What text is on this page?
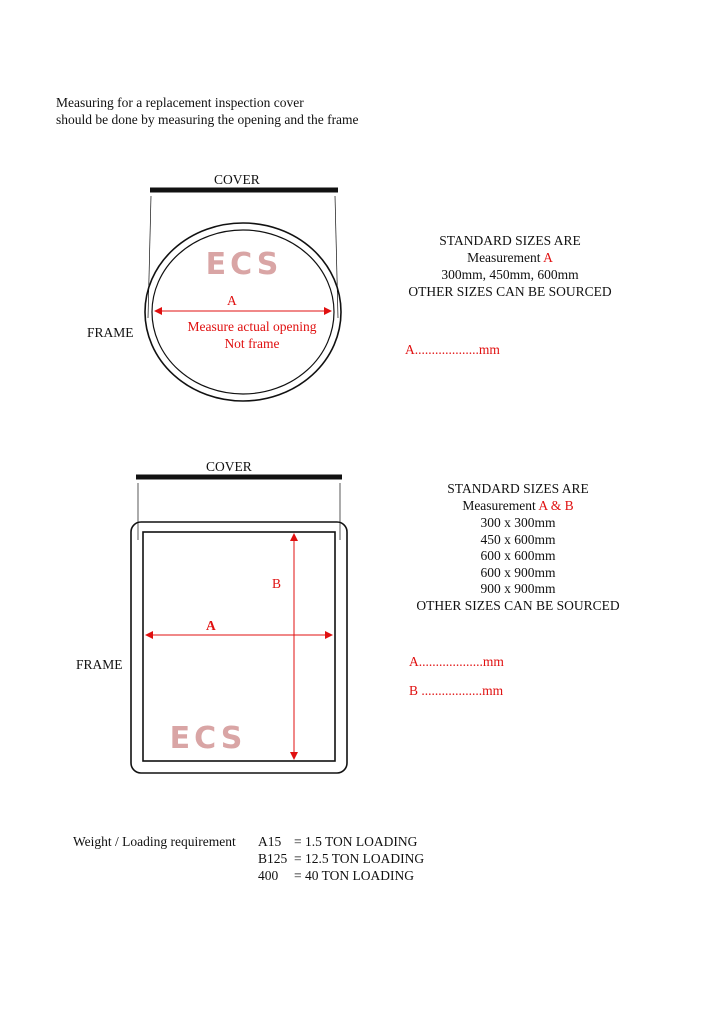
Measuring for a replacement inspection cover
should be done by measuring the opening and the frame
ECS
ECS
COVER
FRAME
A
Measure actual opening
Not frame
STANDARD SIZES ARE
Measurement A
300mm, 450mm, 600mm
OTHER SIZES CAN BE SOURCED
A...................mm
COVER
FRAME
A
B
STANDARD SIZES ARE
Measurement A & B
300 x 300mm
450 x 600mm
600 x 600mm
600 x 900mm
900 x 900mm
OTHER SIZES CAN BE SOURCED
A...................mm
B ..................mm
Weight / Loading requirement A15 = 1.5 TON LOADING
B125 = 12.5 TON LOADING
400 = 40 TON LOADING
